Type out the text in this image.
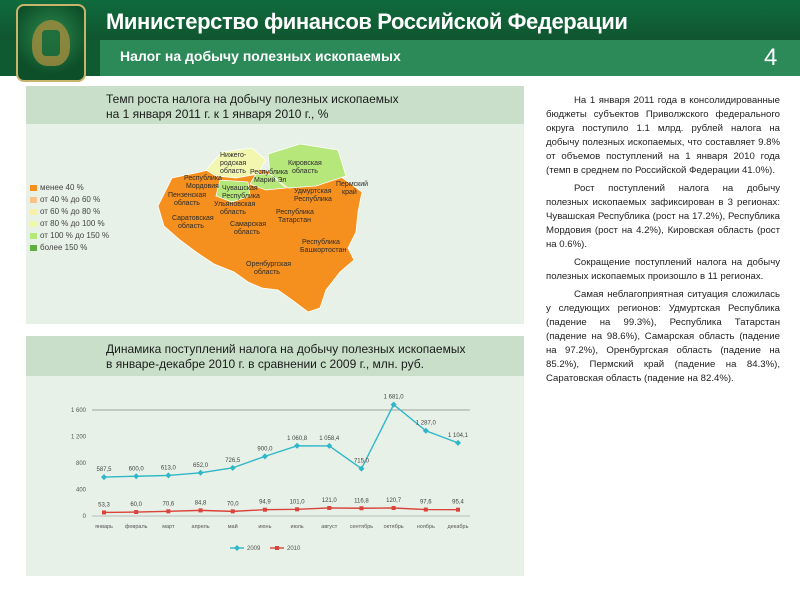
Министерство финансов Российской Федерации
Налог на добычу полезных ископаемых	4
Темп роста налога на добычу полезных ископаемых
на 1 января 2011 г. к 1 января 2010 г., %
менее 40 %
от 40 % до 60 %
от 60 % до 80 %
от 80 % до 100 %
от 100 % до 150 %
более 150 %
Нижего-
родская
область
Кировская
область
Республика
Марий Эл
Республика
Мордовия Чувашская
Республика
Пензенская
область Ульяновская
область
Удмуртская
Республика
Пермский
край
Республика
Татарстан
Саратовская
область	Самарская
область
Республика
Башкортостан
Оренбургская
область
Динамика поступлений налога на добычу полезных ископаемых
в январе-декабре 2010 г. в сравнении с 2009 г., млн. руб.
0
400
800
1 200
1 600
январь февраль	март	апрель	май	июнь	июль	август сентябрь октябрь ноябрь декабрь
587,5	600,0	613,0	652,0
726,5
900,0
1 060,8 1 058,4
715,0
1 681,0
1 287,0
1 104,1
53,3	60,0	70,6	84,8	70,0	94,9	101,0	121,0	116,8	120,7	97,6	95,4
2009	2010

На 1 января 2011 года в консолидированные бюджеты субъектов Приволжского федерального округа поступило 1.1 млрд. рублей налога на добычу полезных ископаемых, что составляет 9.8% от объемов поступлений на 1 января 2010 года (темп в среднем по Российской Федерации 41.0%).

Рост поступлений налога на добычу полезных ископаемых зафиксирован в 3 регионах: Чувашская Республика (рост на 17.2%), Республика Мордовия (рост на 4.2%), Кировская область (рост на 0.6%).

Сокращение поступлений налога на добычу полезных ископаемых произошло в 11 регионах.

Самая неблагоприятная ситуация сложилась у следующих регионов: Удмуртская Республика (падение на 99.3%), Республика Татарстан (падение на 98.6%), Самарская область (падение на 97.2%), Оренбургская область (падение на 85.2%), Пермский край (падение на 84.3%), Саратовская область (падение на 82.4%).
